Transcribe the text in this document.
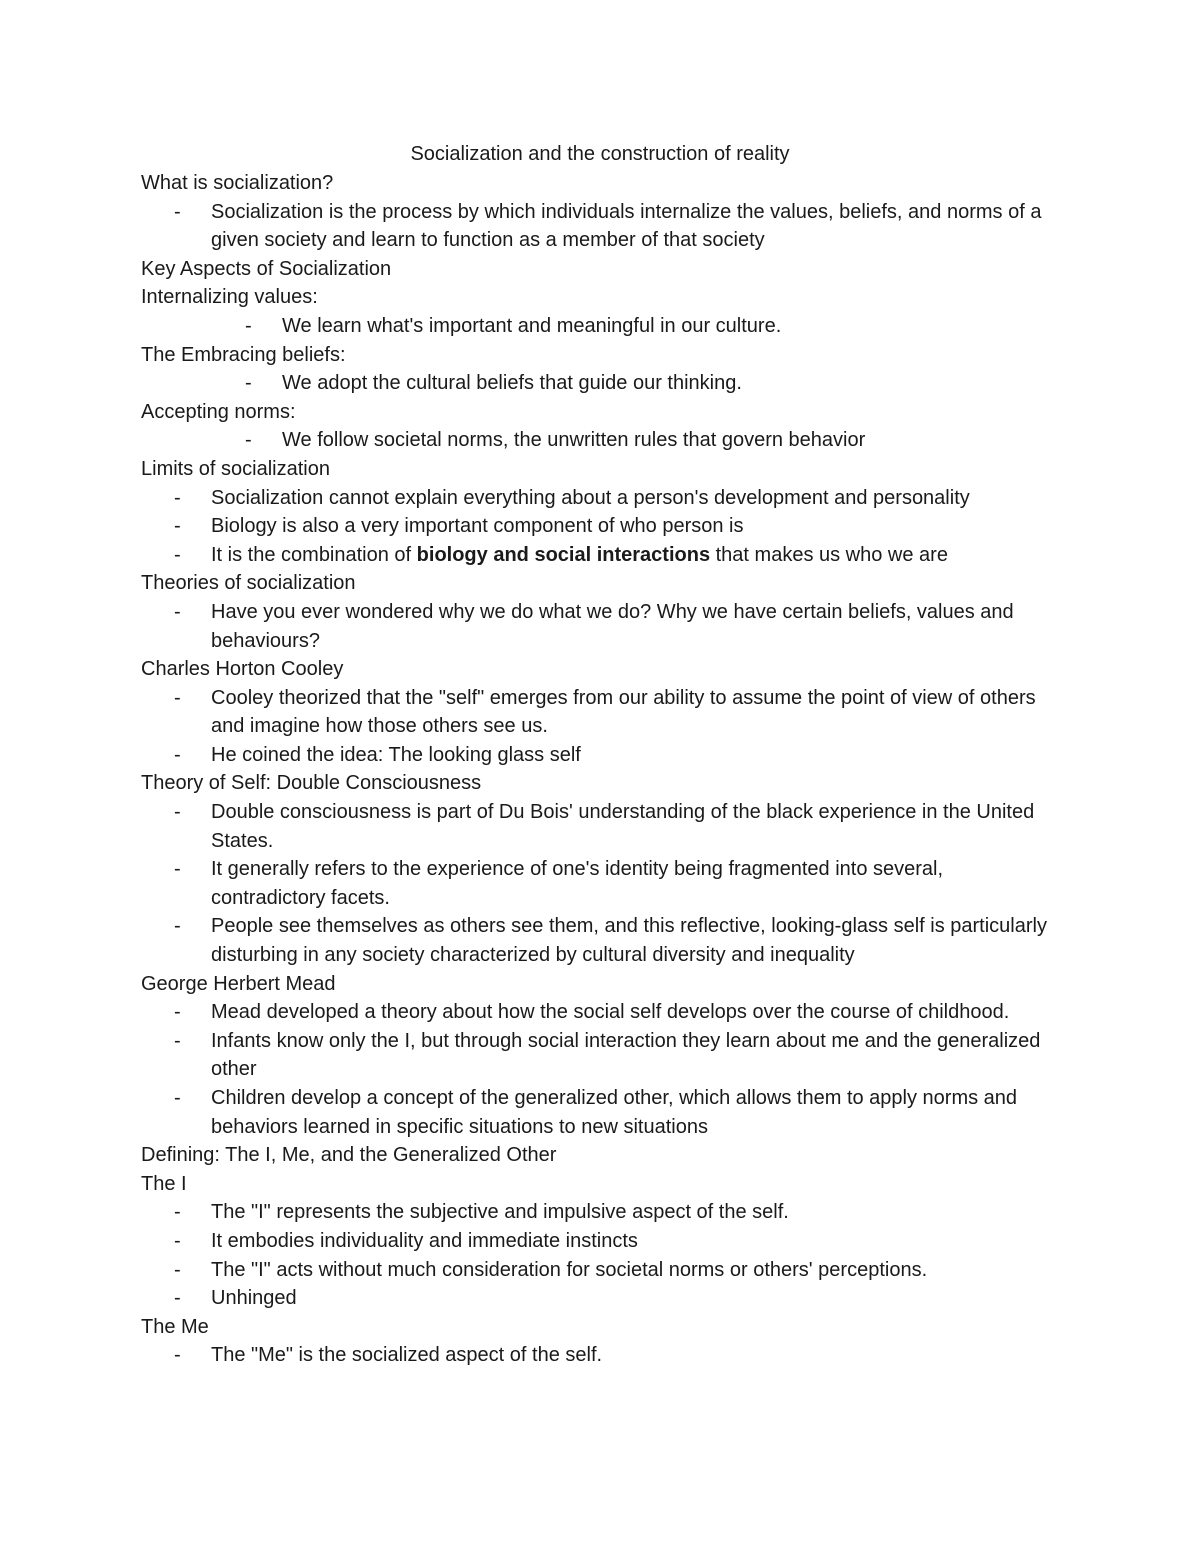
Socialization and the construction of reality
What is socialization?
- Socialization is the process by which individuals internalize the values, beliefs, and norms of a given society and learn to function as a member of that society
Key Aspects of Socialization
Internalizing values:
- We learn what's important and meaningful in our culture.
The Embracing beliefs:
- We adopt the cultural beliefs that guide our thinking.
Accepting norms:
- We follow societal norms, the unwritten rules that govern behavior
Limits of socialization
- Socialization cannot explain everything about a person's development and personality
- Biology is also a very important component of who person is
- It is the combination of biology and social interactions that makes us who we are
Theories of socialization
- Have you ever wondered why we do what we do? Why we have certain beliefs, values and behaviours?
Charles Horton Cooley
- Cooley theorized that the "self" emerges from our ability to assume the point of view of others and imagine how those others see us.
- He coined the idea: The looking glass self
Theory of Self: Double Consciousness
- Double consciousness is part of Du Bois' understanding of the black experience in the United States.
- It generally refers to the experience of one's identity being fragmented into several, contradictory facets.
- People see themselves as others see them, and this reflective, looking-glass self is particularly disturbing in any society characterized by cultural diversity and inequality
George Herbert Mead
- Mead developed a theory about how the social self develops over the course of childhood.
- Infants know only the I, but through social interaction they learn about me and the generalized other
- Children develop a concept of the generalized other, which allows them to apply norms and behaviors learned in specific situations to new situations
Defining: The I, Me, and the Generalized Other
The I
- The "I" represents the subjective and impulsive aspect of the self.
- It embodies individuality and immediate instincts
- The "I" acts without much consideration for societal norms or others' perceptions.
- Unhinged
The Me
- The "Me" is the socialized aspect of the self.
